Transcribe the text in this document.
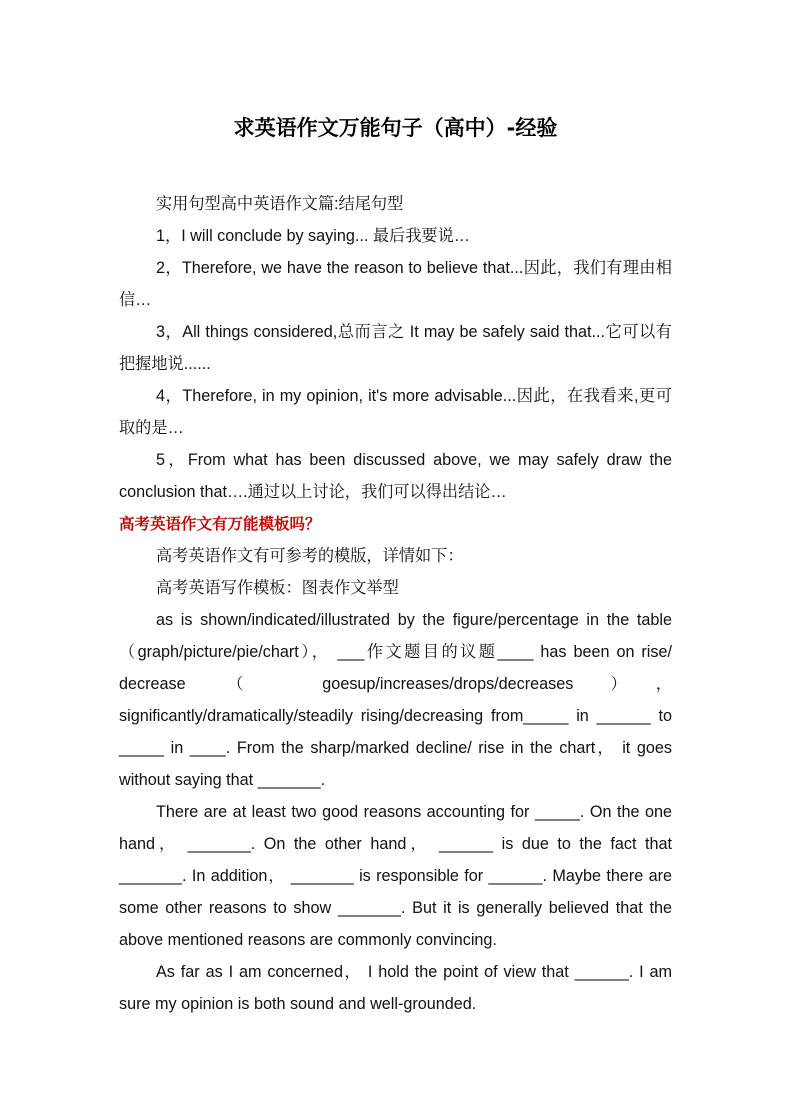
求英语作文万能句子（高中）-经验

实用句型高中英语作文篇:结尾句型

1，I will conclude by saying... 最后我要说…

2，Therefore, we have the reason to believe that...因此，我们有理由相信…

3，All things considered,总而言之 It may be safely said that...它可以有把握地说......

4，Therefore, in my opinion, it's more advisable...因此，在我看来,更可取的是…

5，From what has been discussed above, we may safely draw the conclusion that….通过以上讨论，我们可以得出结论…

高考英语作文有万能模板吗？

高考英语作文有可参考的模版，详情如下：

高考英语写作模板：图表作文举型

as is shown/indicated/illustrated by the figure/percentage in the table（graph/picture/pie/chart）， ___作文题目的议题____ has been on rise/ decrease （ goesup/increases/drops/decreases），significantly/dramatically/steadily rising/decreasing from_____ in ______ to _____ in ____. From the sharp/marked decline/ rise in the chart， it goes without saying that _______.

There are at least two good reasons accounting for _____. On the one hand， _______. On the other hand， ______ is due to the fact that _______. In addition， _______ is responsible for ______. Maybe there are some other reasons to show _______. But it is generally believed that the above mentioned reasons are commonly convincing.

As far as I am concerned， I hold the point of view that ______. I am sure my opinion is both sound and well-grounded.
